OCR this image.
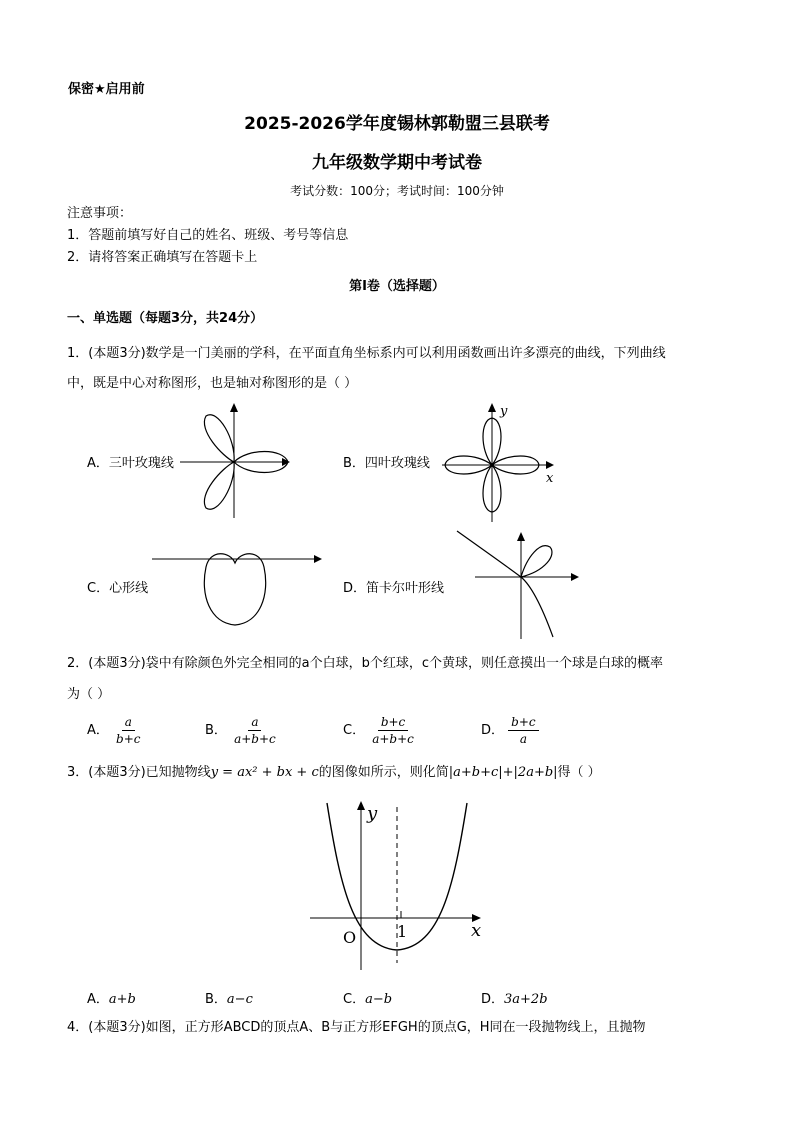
保密★启用前
2025-2026学年度锡林郭勒盟三县联考
九年级数学期中考试卷
考试分数：100分；考试时间：100分钟
注意事项：
1．答题前填写好自己的姓名、班级、考号等信息
2．请将答案正确填写在答题卡上
第I卷（选择题）
一、单选题（每题3分，共24分）
1．(本题3分)数学是一门美丽的学科，在平面直角坐标系内可以利用函数画出许多漂亮的曲线，下列曲线
中，既是中心对称图形，也是轴对称图形的是（ ）
A．三叶玫瑰线	B．四叶玫瑰线
C．心形线	D．笛卡尔叶形线
y
x
2．(本题3分)袋中有除颜色外完全相同的a个白球，b个红球，c个黄球，则任意摸出一个球是白球的概率
为（ ）
A． $\frac{a}{b+c}$	B． $\frac{a}{a+b+c}$	C． $\frac{b+c}{a+b+c}$	D． $\frac{b+c}{a}$
3．(本题3分)已知抛物线y = ax² + bx + c的图像如所示，则化简|a+b+c|+|2a+b|得（ ）
y
x
O	1
A．a+b	B．a−c	C．a−b	D．3a+2b
4．(本题3分)如图，正方形ABCD的顶点A、B与正方形EFGH的顶点G，H同在一段抛物线上，且抛物
